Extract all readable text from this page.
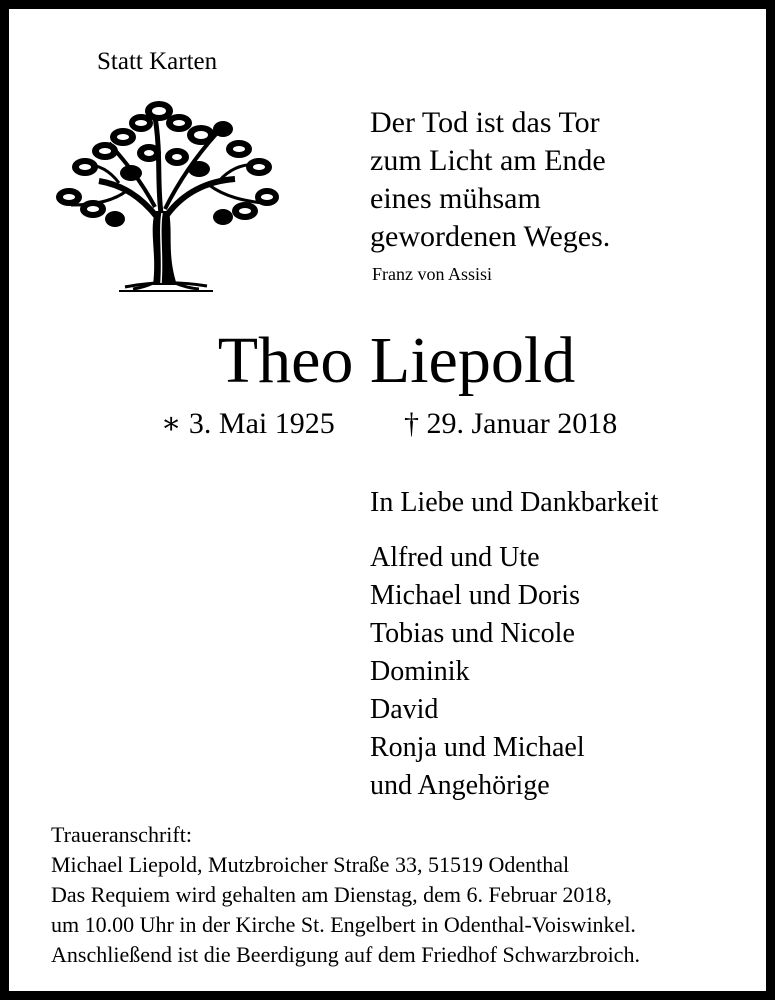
Statt Karten
Der Tod ist das Tor
zum Licht am Ende
eines mühsam
gewordenen Weges.
Franz von Assisi
Theo Liepold
∗ 3. Mai 1925 † 29. Januar 2018
In Liebe und Dankbarkeit
Alfred und Ute
Michael und Doris
Tobias und Nicole
Dominik
David
Ronja und Michael
und Angehörige
Traueranschrift:
Michael Liepold, Mutzbroicher Straße 33, 51519 Odenthal
Das Requiem wird gehalten am Dienstag, dem 6. Februar 2018,
um 10.00 Uhr in der Kirche St. Engelbert in Odenthal-Voiswinkel.
Anschließend ist die Beerdigung auf dem Friedhof Schwarzbroich.
